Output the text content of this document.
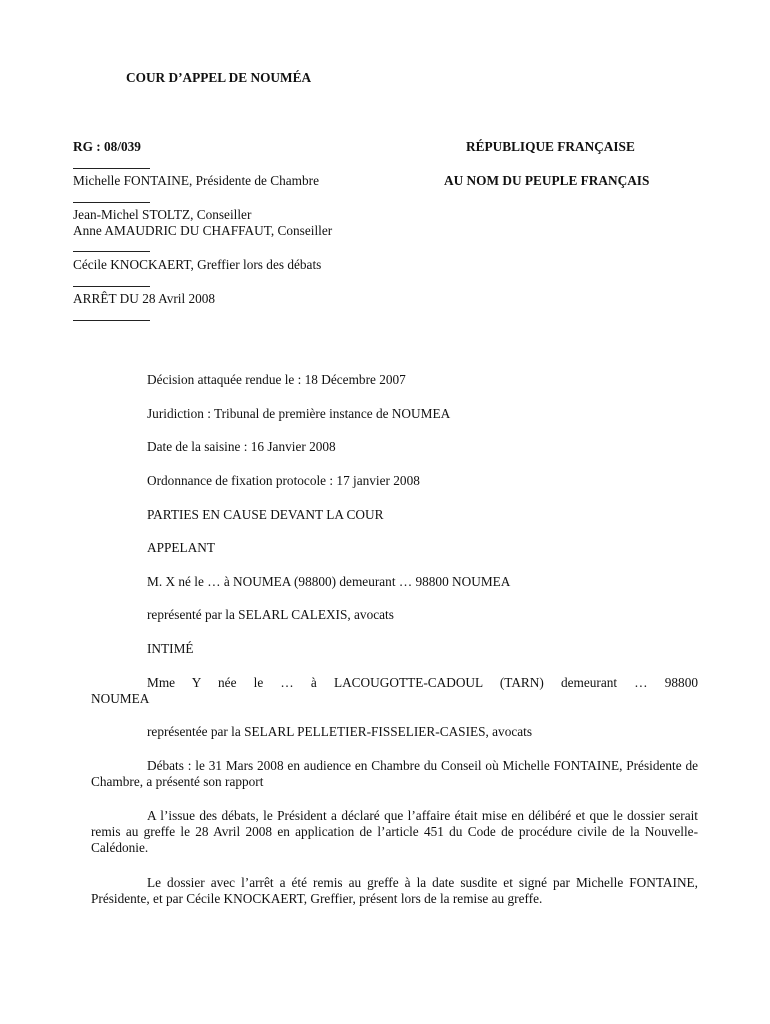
COUR D’APPEL DE NOUMÉA
RG : 08/039	RÉPUBLIQUE FRANÇAISE
Michelle FONTAINE, Présidente de Chambre	AU NOM DU PEUPLE FRANÇAIS
Jean-Michel STOLTZ, Conseiller
Anne AMAUDRIC DU CHAFFAUT, Conseiller
Cécile KNOCKAERT, Greffier lors des débats
ARRÊT DU 28 Avril 2008
Décision attaquée rendue le : 18 Décembre 2007
Juridiction : Tribunal de première instance de NOUMEA
Date de la saisine : 16 Janvier 2008
Ordonnance de fixation protocole : 17 janvier 2008
PARTIES EN CAUSE DEVANT LA COUR
APPELANT
M. X né le … à NOUMEA (98800) demeurant … 98800 NOUMEA
représenté par la SELARL CALEXIS, avocats
INTIMÉ
Mme Y née le … à LACOUGOTTE-CADOUL (TARN) demeurant … 98800
NOUMEA
représentée par la SELARL PELLETIER-FISSELIER-CASIES, avocats
Débats : le 31 Mars 2008 en audience en Chambre du Conseil où Michelle FONTAINE, Présidente de Chambre, a présenté son rapport
A l’issue des débats, le Président a déclaré que l’affaire était mise en délibéré et que le dossier serait remis au greffe le 28 Avril 2008 en application de l’article 451 du Code de procédure civile de la Nouvelle-Calédonie.
Le dossier avec l’arrêt a été remis au greffe à la date susdite et signé par Michelle FONTAINE, Présidente, et par Cécile KNOCKAERT, Greffier, présent lors de la remise au greffe.
